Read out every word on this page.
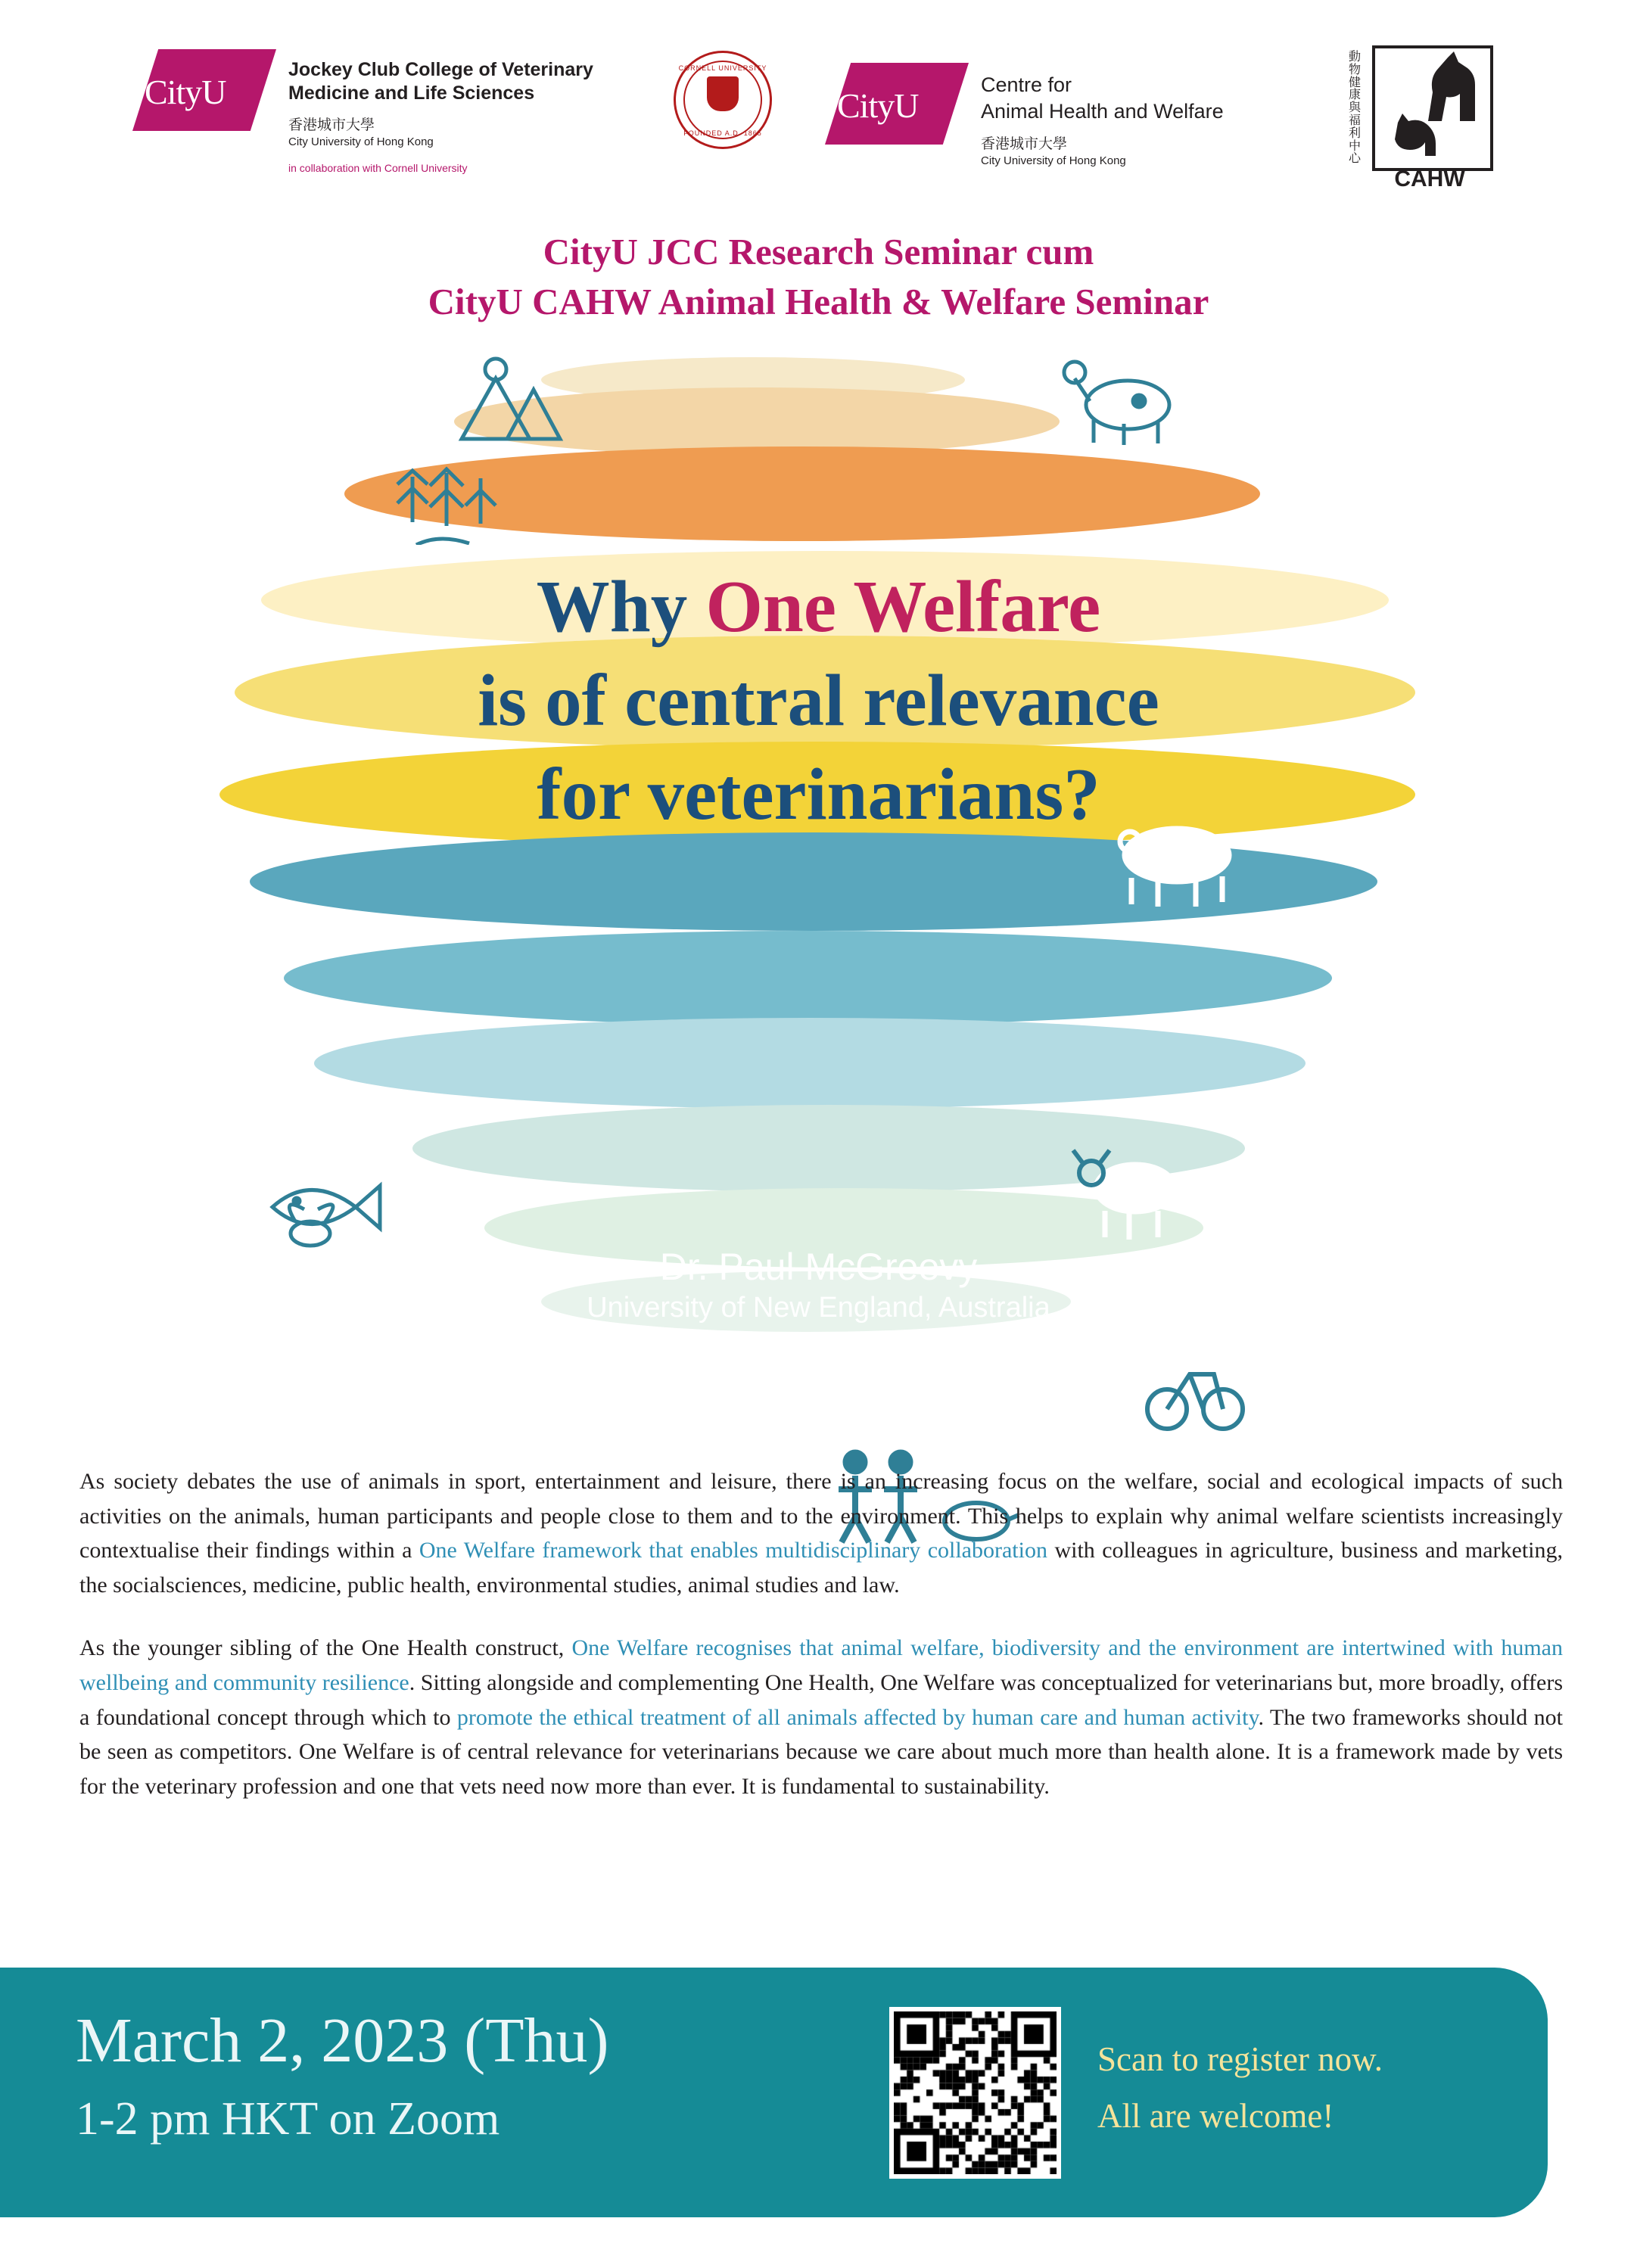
CityU
Jockey Club College of Veterinary
Medicine and Life Sciences
香港城市大學
City University of Hong Kong
in collaboration with Cornell University
CORNELL UNIVERSITY
FOUNDED A.D. 1865
CityU
Centre for
Animal Health and Welfare
香港城市大學
City University of Hong Kong
動物健康與福利中心
CAHW
CityU JCC Research Seminar cum
CityU CAHW Animal Health & Welfare Seminar
Why One Welfare
is of central relevance
for veterinarians?
Dr. Paul McGreevy
University of New England, Australia

As society debates the use of animals in sport, entertainment and leisure, there is an increasing focus on the welfare, social and ecological impacts of such activities on the animals, human participants and people close to them and to the environment. This helps to explain why animal welfare scientists increasingly contextualise their findings within a One Welfare framework that enables multidisciplinary collaboration with colleagues in agriculture, business and marketing, the socialsciences, medicine, public health, environmental studies, animal studies and law.

As the younger sibling of the One Health construct, One Welfare recognises that animal welfare, biodiversity and the environment are intertwined with human wellbeing and community resilience. Sitting alongside and complementing One Health, One Welfare was conceptualized for veterinarians but, more broadly, offers a foundational concept through which to promote the ethical treatment of all animals affected by human care and human activity. The two frameworks should not be seen as competitors. One Welfare is of central relevance for veterinarians because we care about much more than health alone. It is a framework made by vets for the veterinary profession and one that vets need now more than ever. It is fundamental to sustainability.

March 2, 2023 (Thu)
1-2 pm HKT on Zoom
Scan to register now.
All are welcome!
